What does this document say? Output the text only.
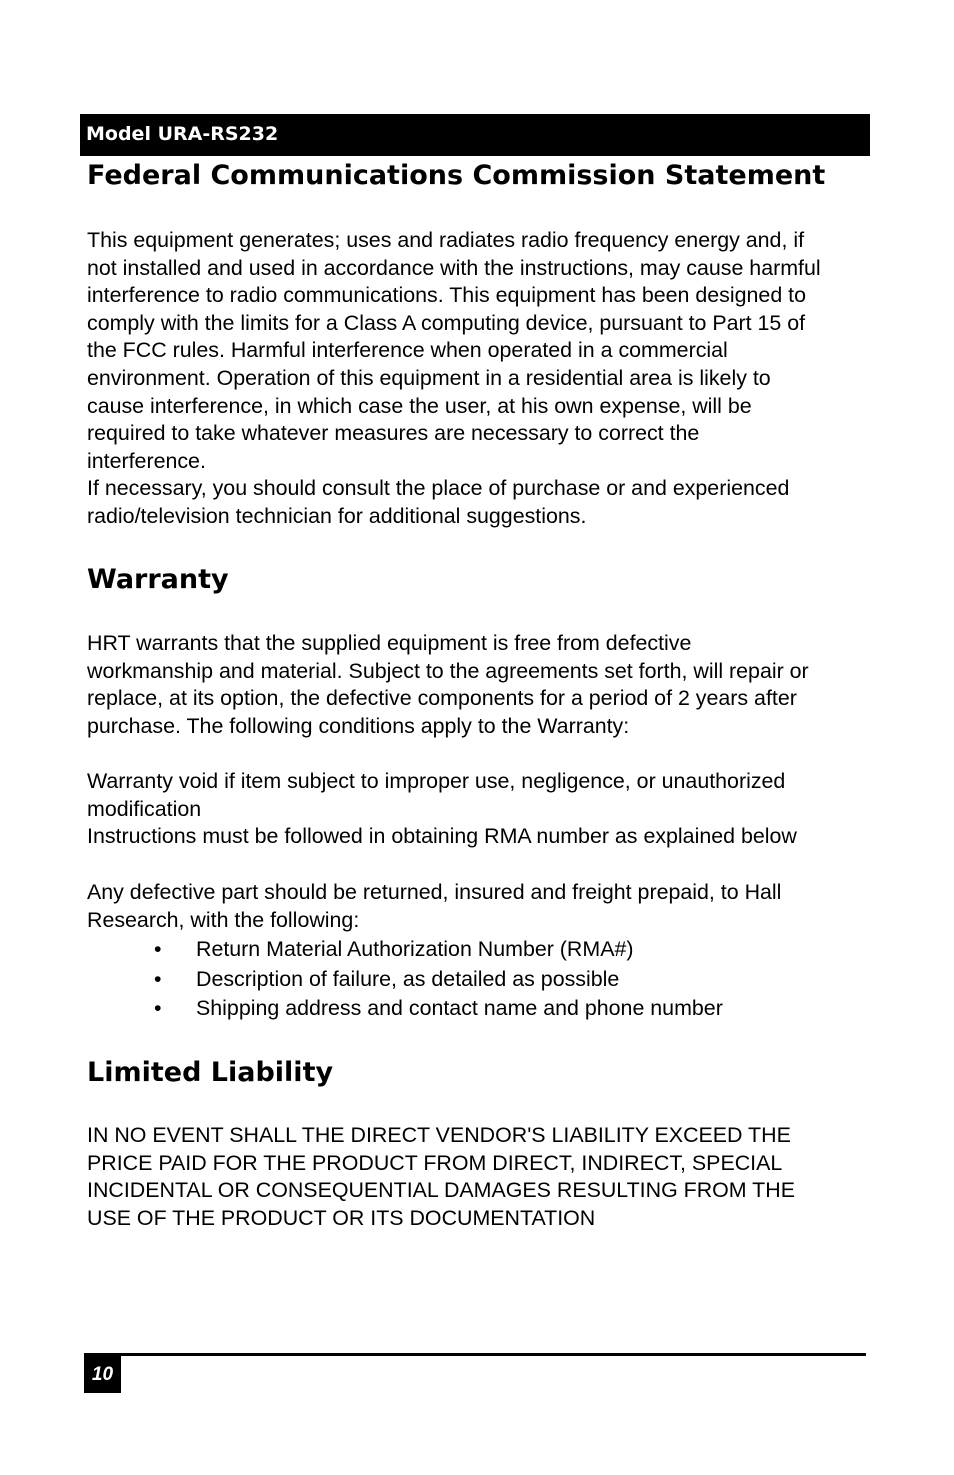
Model URA-RS232
Federal Communications Commission Statement
This equipment generates; uses and radiates radio frequency energy and, if
not installed and used in accordance with the instructions, may cause harmful
interference to radio communications. This equipment has been designed to
comply with the limits for a Class A computing device, pursuant to Part 15 of
the FCC rules. Harmful interference when operated in a commercial
environment. Operation of this equipment in a residential area is likely to
cause interference, in which case the user, at his own expense, will be
required to take whatever measures are necessary to correct the
interference.
If necessary, you should consult the place of purchase or and experienced
radio/television technician for additional suggestions.
Warranty
HRT warrants that the supplied equipment is free from defective
workmanship and material. Subject to the agreements set forth, will repair or
replace, at its option, the defective components for a period of 2 years after
purchase. The following conditions apply to the Warranty:
Warranty void if item subject to improper use, negligence, or unauthorized
modification
Instructions must be followed in obtaining RMA number as explained below
Any defective part should be returned, insured and freight prepaid, to Hall
Research, with the following:
• Return Material Authorization Number (RMA#)
• Description of failure, as detailed as possible
• Shipping address and contact name and phone number
Limited Liability
IN NO EVENT SHALL THE DIRECT VENDOR'S LIABILITY EXCEED THE
PRICE PAID FOR THE PRODUCT FROM DIRECT, INDIRECT, SPECIAL
INCIDENTAL OR CONSEQUENTIAL DAMAGES RESULTING FROM THE
USE OF THE PRODUCT OR ITS DOCUMENTATION
10
